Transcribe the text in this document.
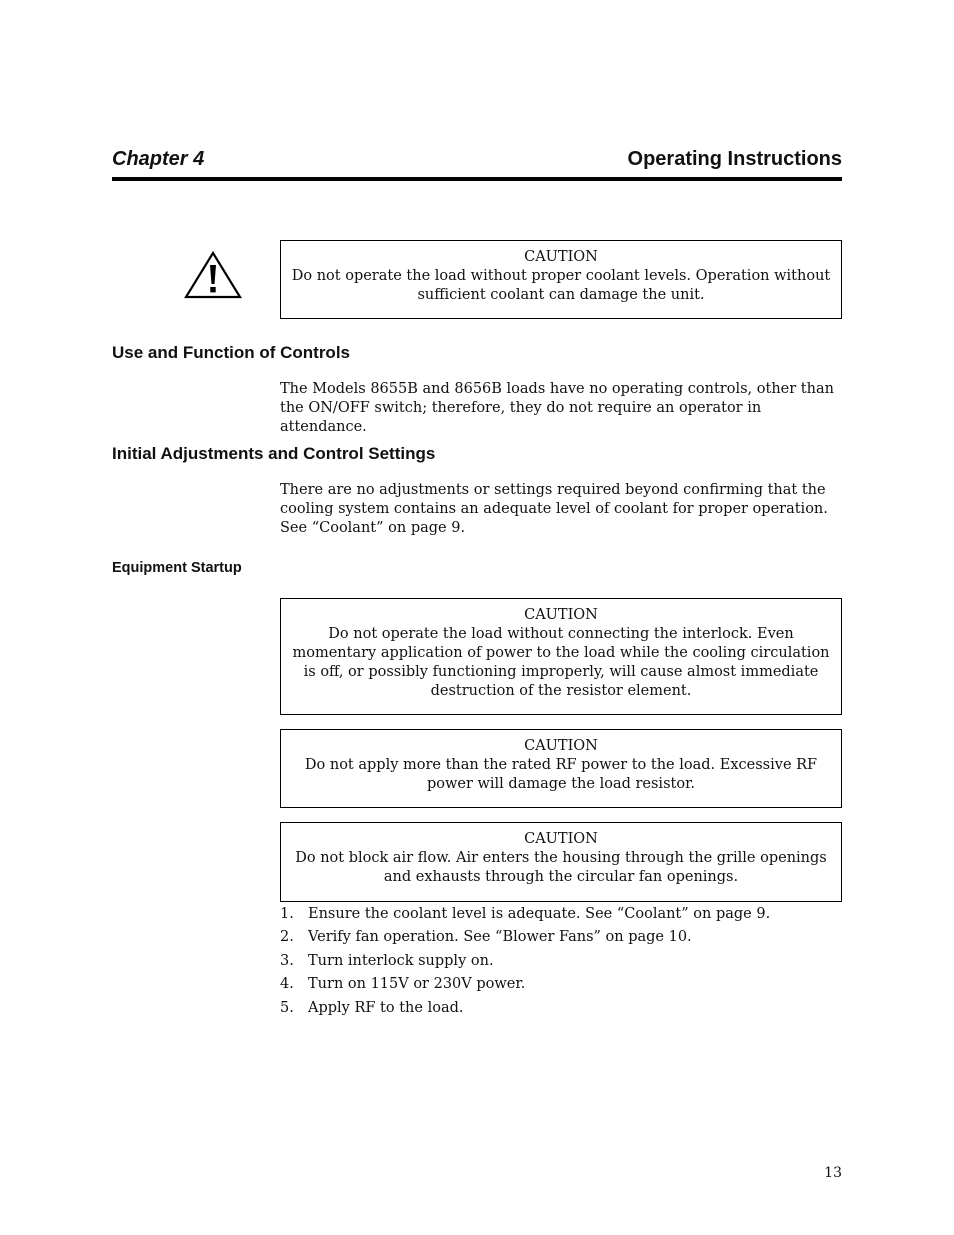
Chapter 4	Operating Instructions
CAUTION
Do not operate the load without proper coolant levels. Operation without sufficient coolant can damage the unit.
Use and Function of Controls
The Models 8655B and 8656B loads have no operating controls, other than the ON/OFF switch; therefore, they do not require an operator in attendance.
Initial Adjustments and Control Settings
There are no adjustments or settings required beyond confirming that the cooling system contains an adequate level of coolant for proper operation. See “Coolant” on page 9.
Equipment Startup
CAUTION
Do not operate the load without connecting the interlock. Even momentary application of power to the load while the cooling circulation is off, or possibly functioning improperly, will cause almost immediate destruction of the resistor element.
CAUTION
Do not apply more than the rated RF power to the load. Excessive RF power will damage the load resistor.
CAUTION
Do not block air flow. Air enters the housing through the grille openings and exhausts through the circular fan openings.
1. Ensure the coolant level is adequate. See “Coolant” on page 9.
2. Verify fan operation. See “Blower Fans” on page 10.
3. Turn interlock supply on.
4. Turn on 115V or 230V power.
5. Apply RF to the load.
13
